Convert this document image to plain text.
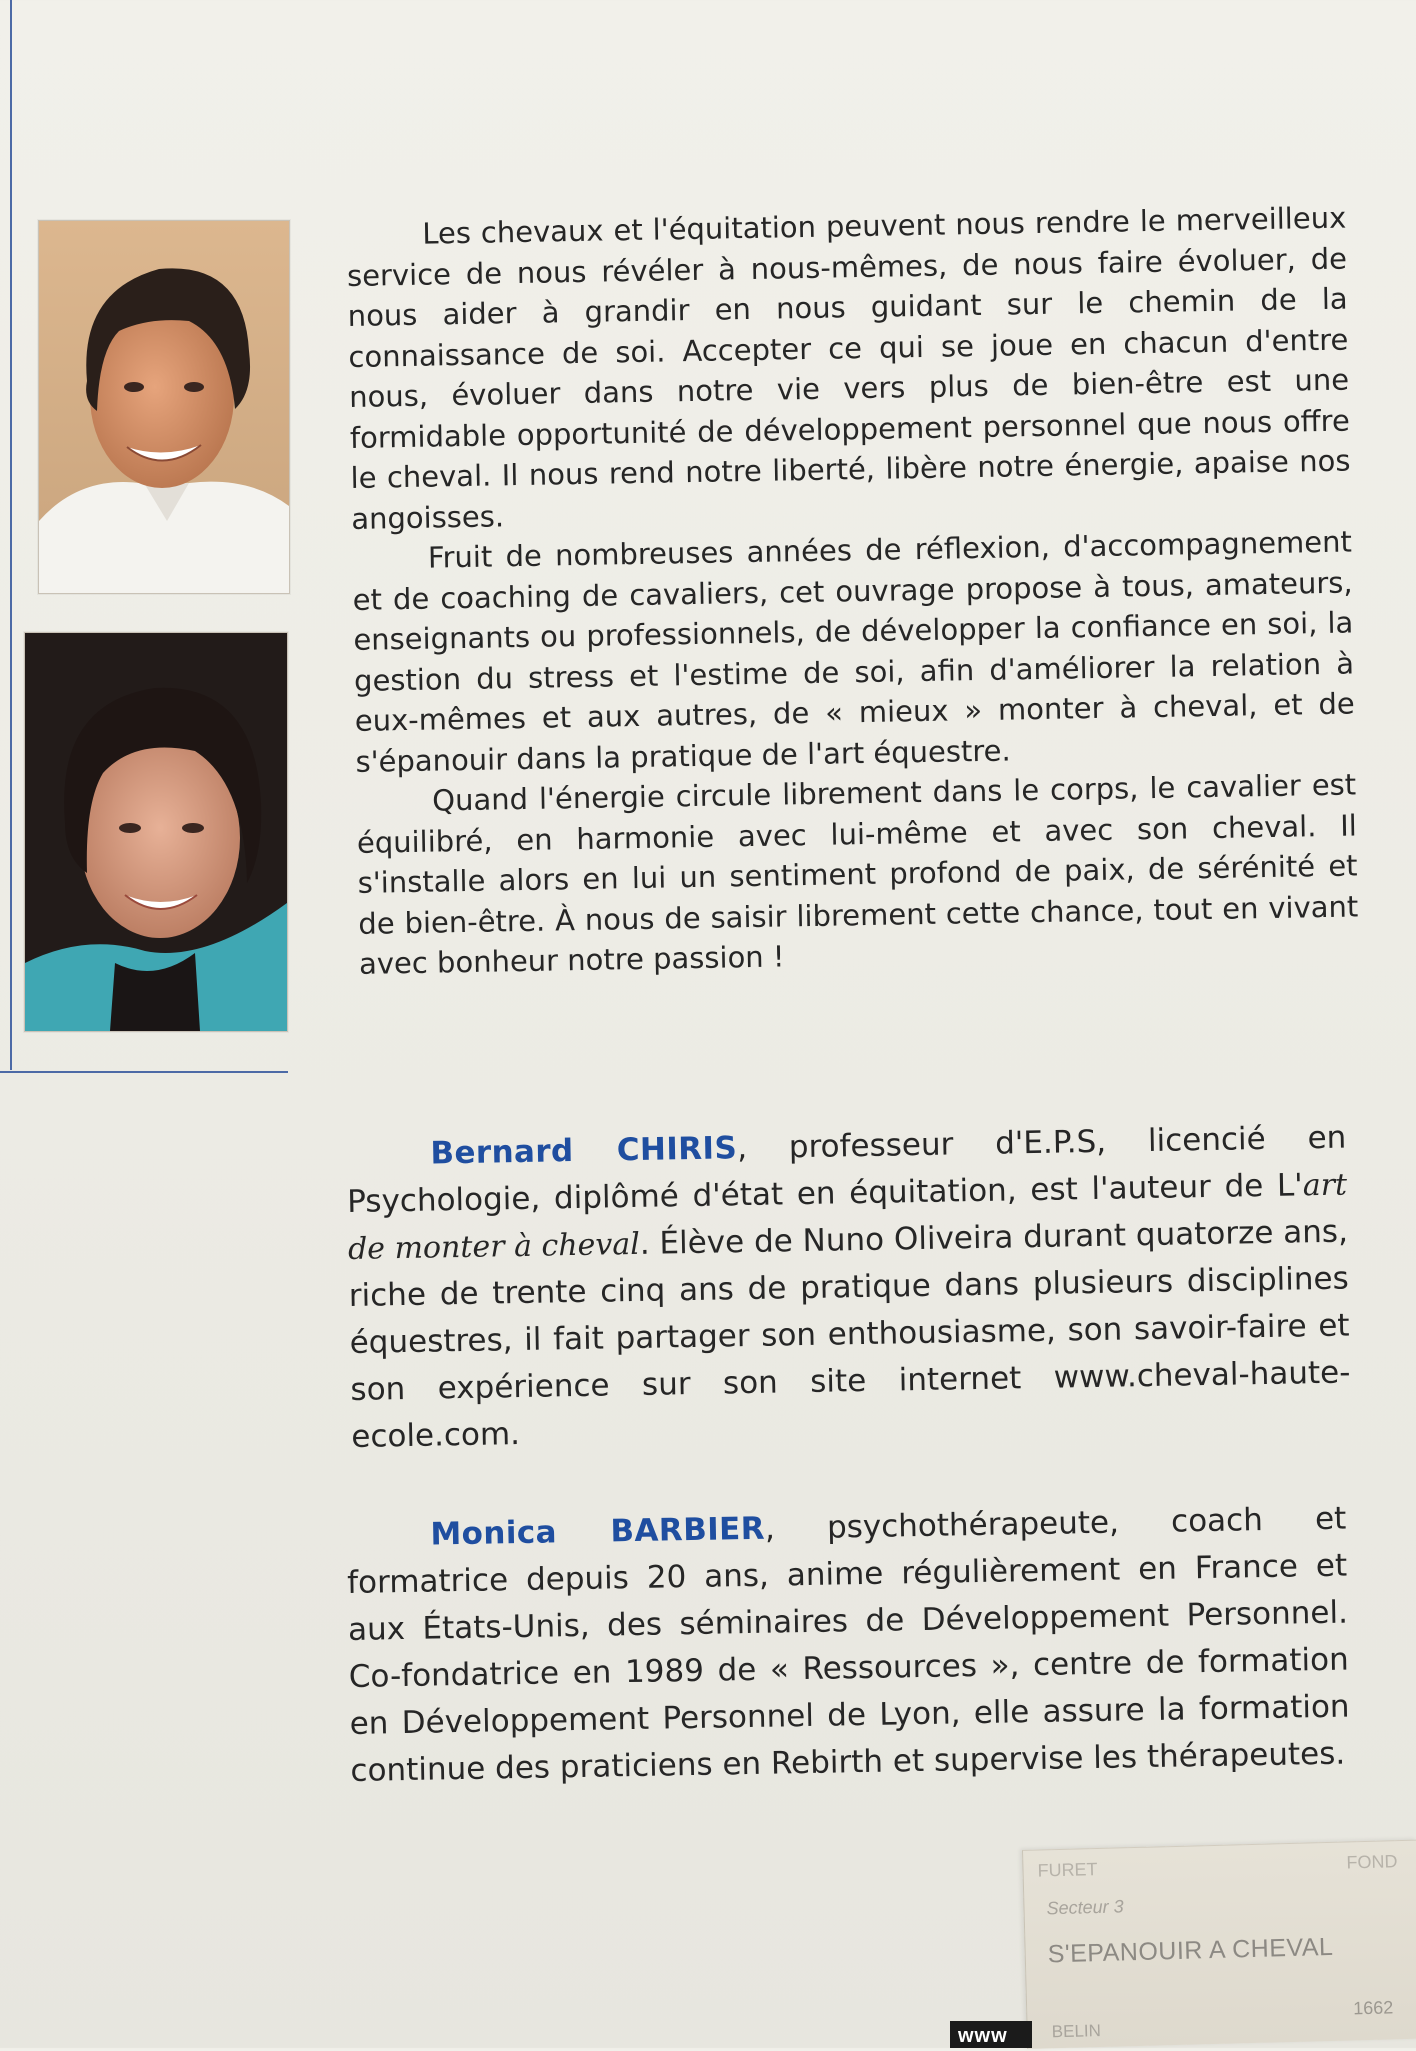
Les chevaux et l'équitation peuvent nous rendre le merveilleux service de nous révéler à nous-mêmes, de nous faire évoluer, de nous aider à grandir en nous guidant sur le chemin de la connaissance de soi. Accepter ce qui se joue en chacun d'entre nous, évoluer dans notre vie vers plus de bien-être est une formidable opportunité de développement personnel que nous offre le cheval. Il nous rend notre liberté, libère notre énergie, apaise nos angoisses.

Fruit de nombreuses années de réflexion, d'accompagnement et de coaching de cavaliers, cet ouvrage propose à tous, amateurs, enseignants ou professionnels, de développer la confiance en soi, la gestion du stress et l'estime de soi, afin d'améliorer la relation à eux-mêmes et aux autres, de « mieux » monter à cheval, et de s'épanouir dans la pratique de l'art équestre.

Quand l'énergie circule librement dans le corps, le cavalier est équilibré, en harmonie avec lui-même et avec son cheval. Il s'installe alors en lui un sentiment profond de paix, de sérénité et de bien-être. À nous de saisir librement cette chance, tout en vivant avec bonheur notre passion !

Bernard CHIRIS, professeur d'E.P.S, licencié en Psychologie, diplômé d'état en équitation, est l'auteur de L'art de monter à cheval. Élève de Nuno Oliveira durant quatorze ans, riche de trente cinq ans de pratique dans plusieurs disciplines équestres, il fait partager son enthousiasme, son savoir-faire et son expérience sur son site internet www.cheval-haute-ecole.com.

Monica BARBIER, psychothérapeute, coach et formatrice depuis 20 ans, anime régulièrement en France et aux États-Unis, des séminaires de Développement Personnel. Co-fondatrice en 1989 de « Ressources », centre de formation en Développement Personnel de Lyon, elle assure la formation continue des praticiens en Rebirth et supervise les thérapeutes.

FURET	FOND
Secteur 3
S'EPANOUIR A CHEVAL
1662
BELIN
www
